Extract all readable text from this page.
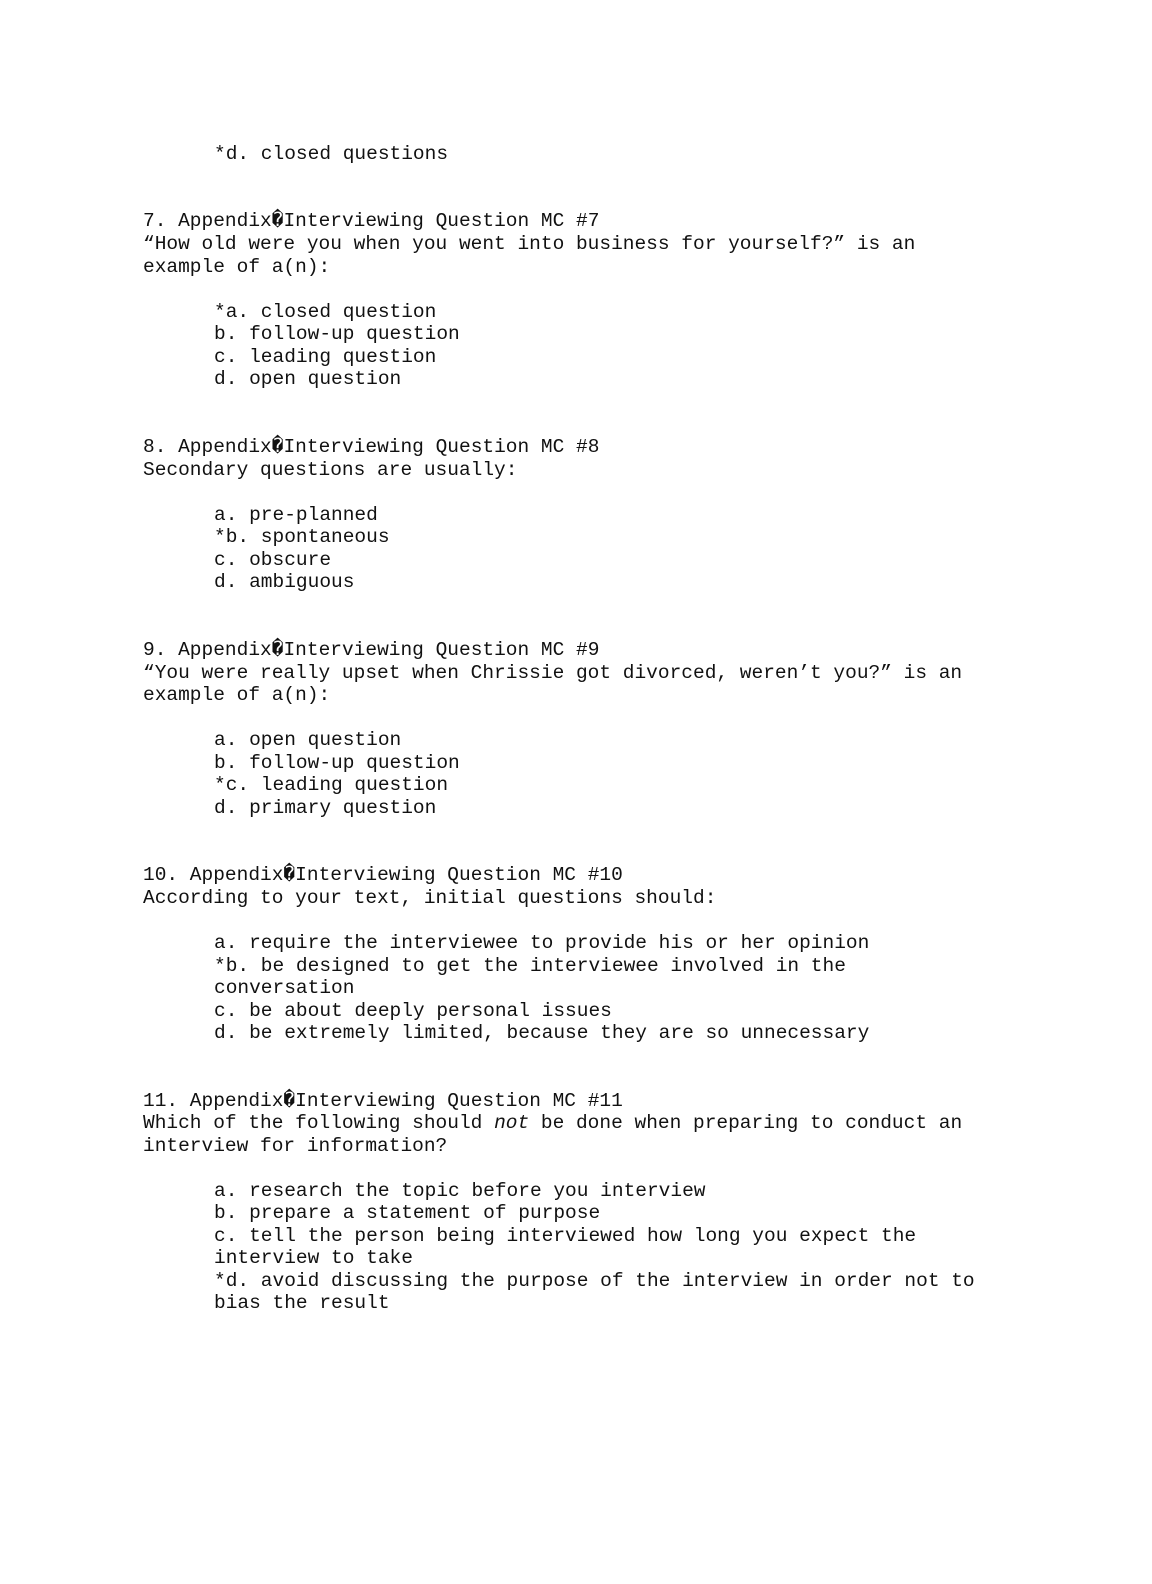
*d. closed questions
7. Appendix�Interviewing Question MC #7
“How old were you when you went into business for yourself?” is an
example of a(n):
*a. closed question
b. follow-up question
c. leading question
d. open question
8. Appendix�Interviewing Question MC #8
Secondary questions are usually:
a. pre-planned
*b. spontaneous
c. obscure
d. ambiguous
9. Appendix�Interviewing Question MC #9
“You were really upset when Chrissie got divorced, weren’t you?” is an
example of a(n):
a. open question
b. follow-up question
*c. leading question
d. primary question
10. Appendix�Interviewing Question MC #10
According to your text, initial questions should:
a. require the interviewee to provide his or her opinion
*b. be designed to get the interviewee involved in the
conversation
c. be about deeply personal issues
d. be extremely limited, because they are so unnecessary
11. Appendix�Interviewing Question MC #11
Which of the following should not be done when preparing to conduct an
interview for information?
a. research the topic before you interview
b. prepare a statement of purpose
c. tell the person being interviewed how long you expect the
interview to take
*d. avoid discussing the purpose of the interview in order not to
bias the result
